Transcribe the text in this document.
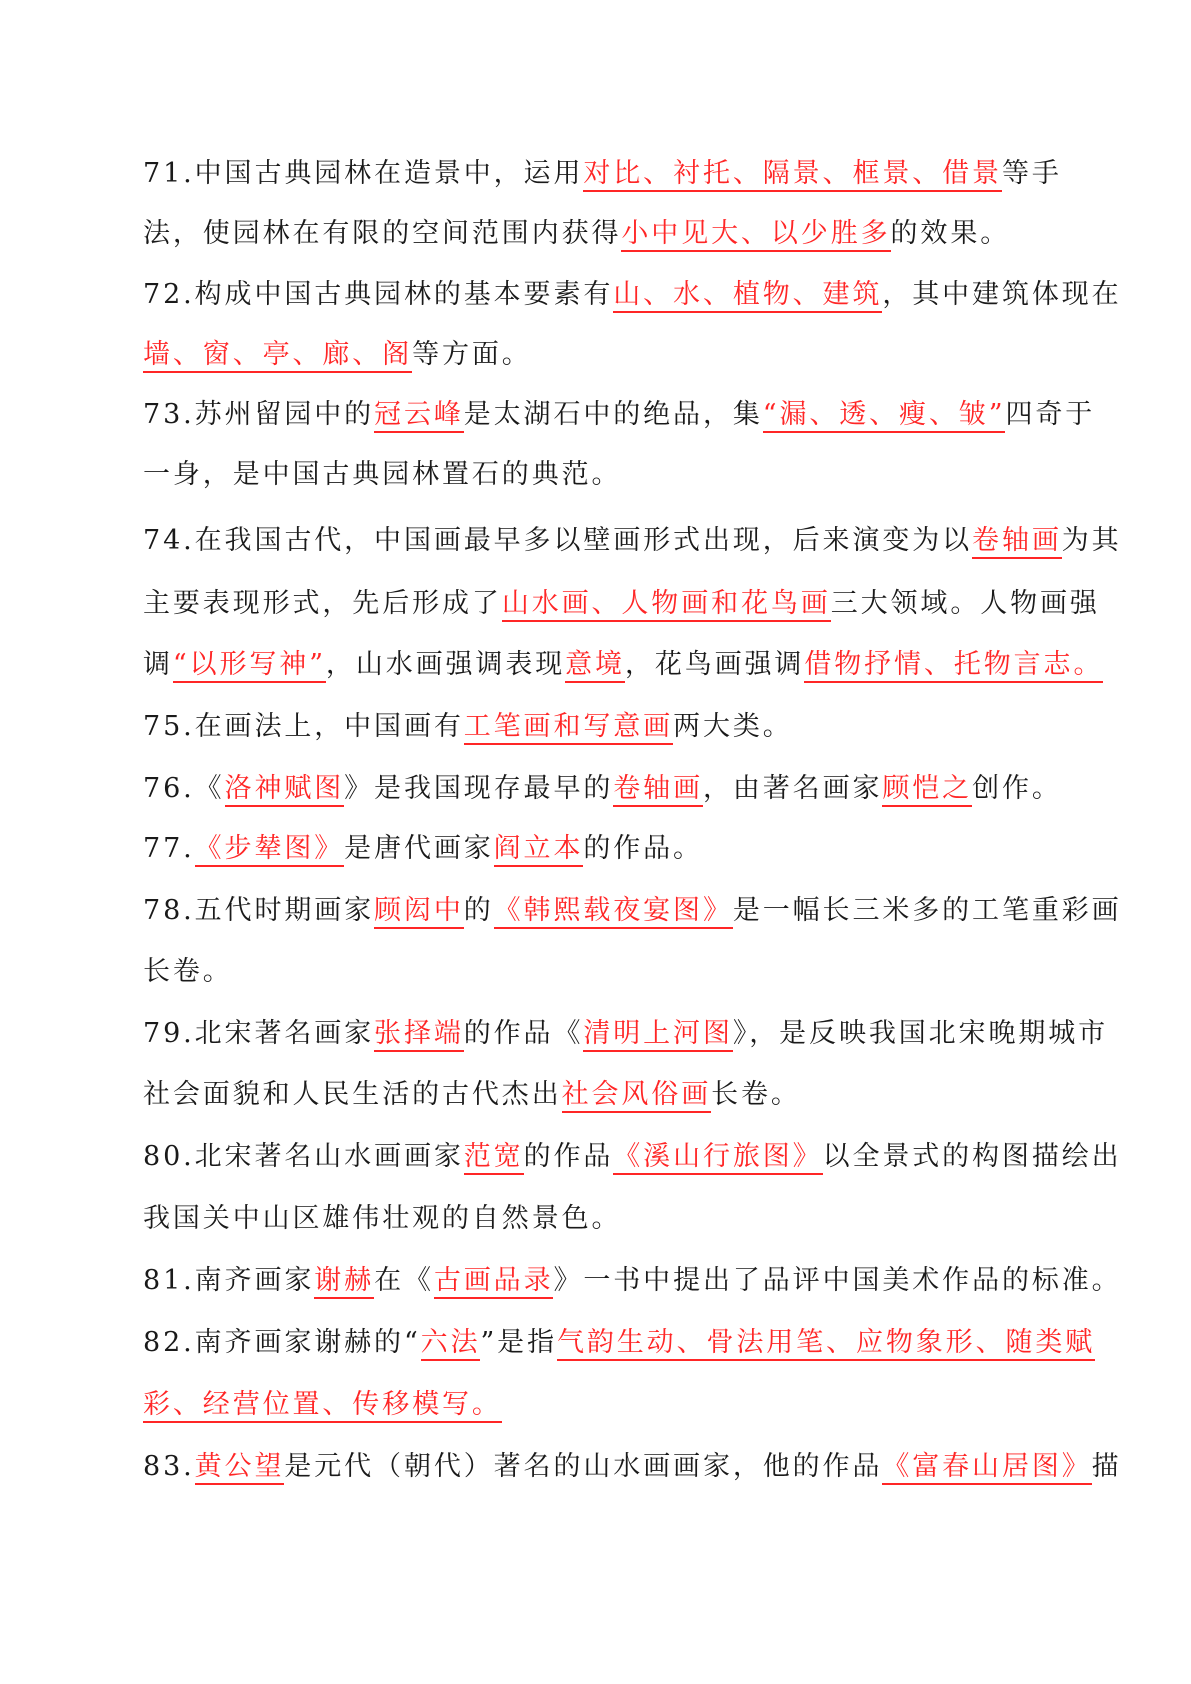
71.中国古典园林在造景中，运用对比、衬托、隔景、框景、借景等手
法，使园林在有限的空间范围内获得小中见大、以少胜多的效果。
72.构成中国古典园林的基本要素有山、水、植物、建筑，其中建筑体现在
墙、窗、亭、廊、阁等方面。
73.苏州留园中的冠云峰是太湖石中的绝品，集“漏、透、瘦、皱”四奇于
一身，是中国古典园林置石的典范。
74.在我国古代，中国画最早多以壁画形式出现，后来演变为以卷轴画为其
主要表现形式，先后形成了山水画、人物画和花鸟画三大领域。人物画强
调“以形写神”，山水画强调表现意境，花鸟画强调借物抒情、托物言志。
75.在画法上，中国画有工笔画和写意画两大类。
76.《洛神赋图》是我国现存最早的卷轴画，由著名画家顾恺之创作。
77.《步辇图》是唐代画家阎立本的作品。
78.五代时期画家顾闳中的《韩熙载夜宴图》是一幅长三米多的工笔重彩画
长卷。
79.北宋著名画家张择端的作品《清明上河图》，是反映我国北宋晚期城市
社会面貌和人民生活的古代杰出社会风俗画长卷。
80.北宋著名山水画画家范宽的作品《溪山行旅图》以全景式的构图描绘出
我国关中山区雄伟壮观的自然景色。
81.南齐画家谢赫在《古画品录》一书中提出了品评中国美术作品的标准。
82.南齐画家谢赫的“六法”是指气韵生动、骨法用笔、应物象形、随类赋
彩、经营位置、传移模写。
83.黄公望是元代（朝代）著名的山水画画家，他的作品《富春山居图》描
